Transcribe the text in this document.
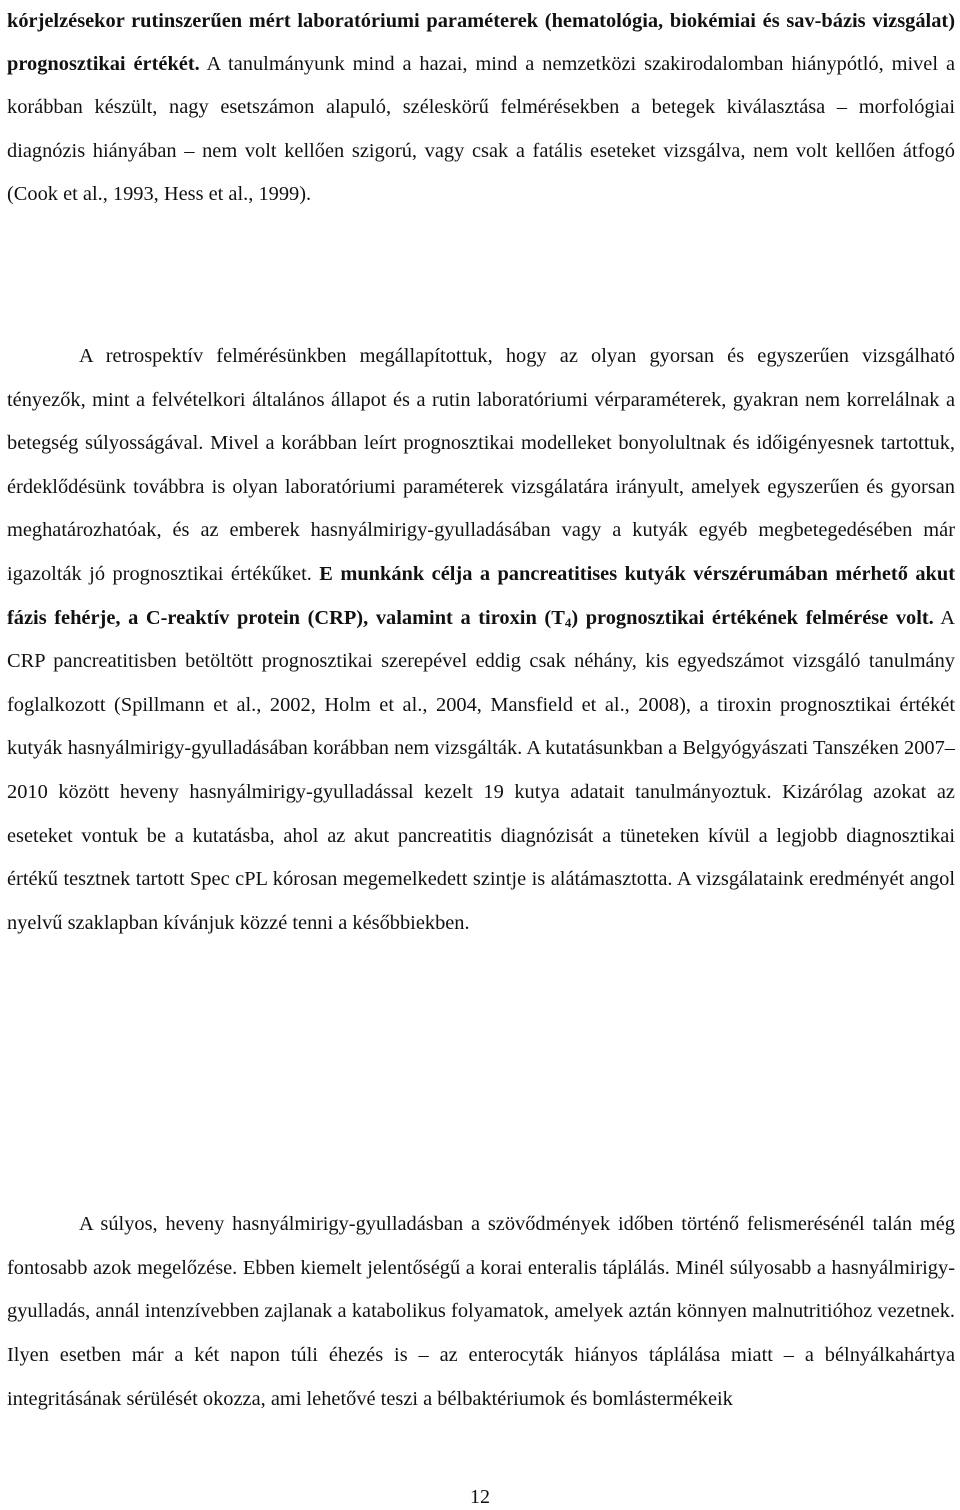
kórjelzésekor rutinszerűen mért laboratóriumi paraméterek (hematológia, biokémiai és sav-bázis vizsgálat) prognosztikai értékét. A tanulmányunk mind a hazai, mind a nemzetközi szakirodalomban hiánypótló, mivel a korábban készült, nagy esetszámon alapuló, széleskörű felmérésekben a betegek kiválasztása – morfológiai diagnózis hiányában – nem volt kellően szigorú, vagy csak a fatális eseteket vizsgálva, nem volt kellően átfogó (Cook et al., 1993, Hess et al., 1999).

A retrospektív felmérésünkben megállapítottuk, hogy az olyan gyorsan és egyszerűen vizsgálható tényezők, mint a felvételkori általános állapot és a rutin laboratóriumi vérparaméterek, gyakran nem korrelálnak a betegség súlyosságával. Mivel a korábban leírt prognosztikai modelleket bonyolultnak és időigényesnek tartottuk, érdeklődésünk továbbra is olyan laboratóriumi paraméterek vizsgálatára irányult, amelyek egyszerűen és gyorsan meghatározhatóak, és az emberek hasnyálmirigy-gyulladásában vagy a kutyák egyéb megbetegedésében már igazolták jó prognosztikai értékűket. E munkánk célja a pancreatitises kutyák vérszérumában mérhető akut fázis fehérje, a C-reaktív protein (CRP), valamint a tiroxin $(T_4)$ prognosztikai értékének felmérése volt. A CRP pancreatitisben betöltött prognosztikai szerepével eddig csak néhány, kis egyedszámot vizsgáló tanulmány foglalkozott (Spillmann et al., 2002, Holm et al., 2004, Mansfield et al., 2008), a tiroxin prognosztikai értékét kutyák hasnyálmirigy-gyulladásában korábban nem vizsgálták. A kutatásunkban a Belgyógyászati Tanszéken 2007–2010 között heveny hasnyálmirigy-gyulladással kezelt 19 kutya adatait tanulmányoztuk. Kizárólag azokat az eseteket vontuk be a kutatásba, ahol az akut pancreatitis diagnózisát a tüneteken kívül a legjobb diagnosztikai értékű tesztnek tartott Spec cPL kórosan megemelkedett szintje is alátámasztotta. A vizsgálataink eredményét angol nyelvű szaklapban kívánjuk közzé tenni a későbbiekben.

A súlyos, heveny hasnyálmirigy-gyulladásban a szövődmények időben történő felismerésénél talán még fontosabb azok megelőzése. Ebben kiemelt jelentőségű a korai enteralis táplálás. Minél súlyosabb a hasnyálmirigy-gyulladás, annál intenzívebben zajlanak a katabolikus folyamatok, amelyek aztán könnyen malnutritióhoz vezetnek. Ilyen esetben már a két napon túli éhezés is – az enterocyták hiányos táplálása miatt – a bélnyálkahártya integritásának sérülését okozza, ami lehetővé teszi a bélbaktériumok és bomlástermékeik

12
